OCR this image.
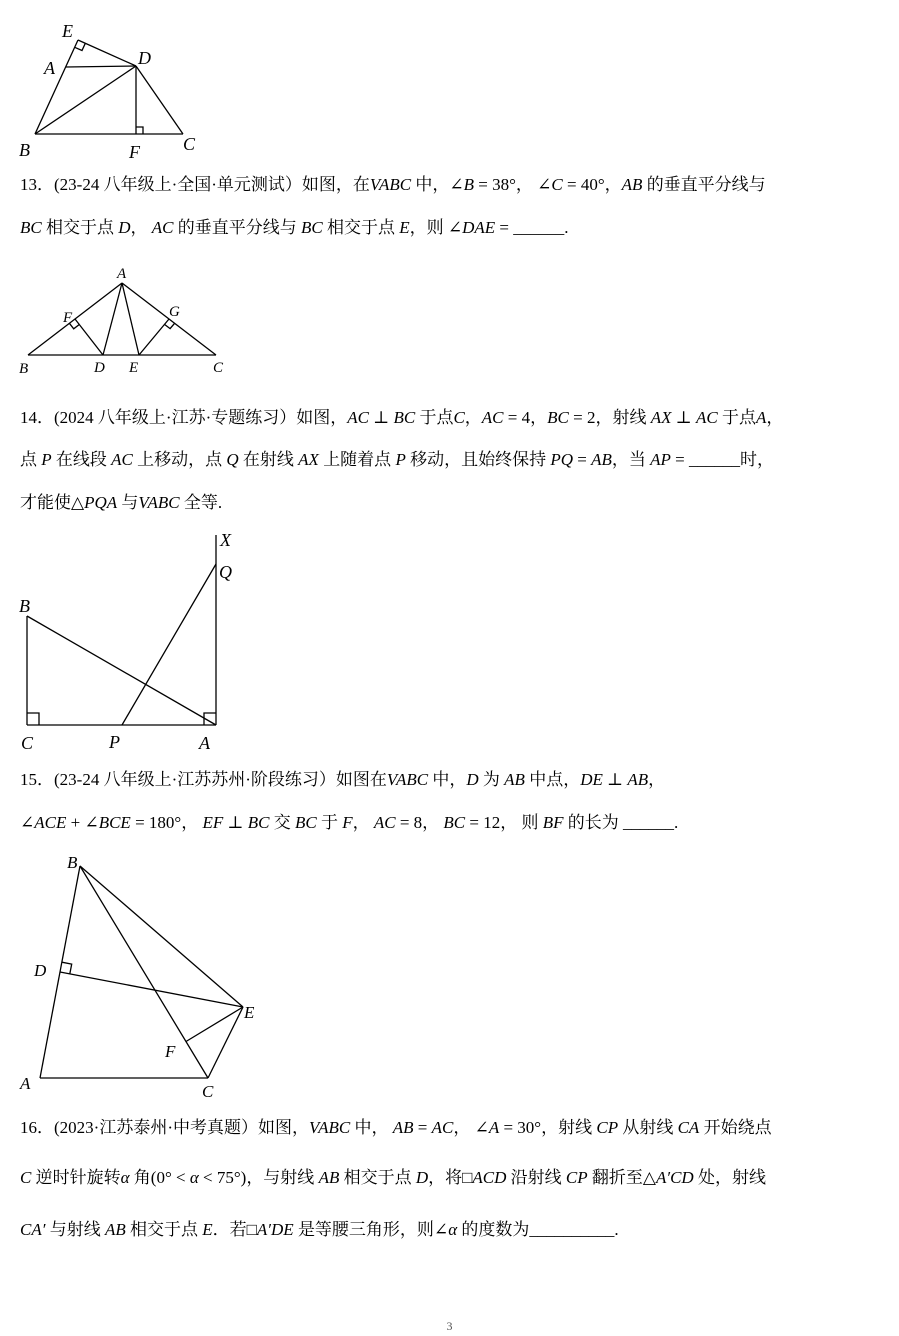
E
A	D
B	F C
13．(23-24 八年级上·全国·单元测试）如图，在VABC 中，∠B = 38°， ∠C = 40°，AB 的垂直平分线与
BC 相交于点 D， AC 的垂直平分线与 BC 相交于点 E，则 ∠DAE = ______.
A
F	G
B	D E	C
14．(2024 八年级上·江苏·专题练习）如图，AC ⊥ BC 于点C，AC = 4，BC = 2，射线 AX ⊥ AC 于点A，
点 P 在线段 AC 上移动，点 Q 在射线 AX 上随着点 P 移动，且始终保持 PQ = AB，当 AP = ______时，
才能使△PQA 与VABC 全等.
X
Q
B
C	P	A
15．(23-24 八年级上·江苏苏州·阶段练习）如图在VABC 中，D 为 AB 中点，DE ⊥ AB，
∠ACE + ∠BCE = 180°， EF ⊥ BC 交 BC 于 F， AC = 8， BC = 12， 则 BF 的长为 ______.
B
D
E
F
A	C
16．(2023·江苏泰州·中考真题）如图，VABC 中， AB = AC， ∠A = 30°，射线 CP 从射线 CA 开始绕点
C 逆时针旋转α 角(0° < α < 75°)，与射线 AB 相交于点 D，将□ACD 沿射线 CP 翻折至△A′CD 处，射线
CA′ 与射线 AB 相交于点 E．若□A′DE 是等腰三角形，则∠α 的度数为__________.
3
